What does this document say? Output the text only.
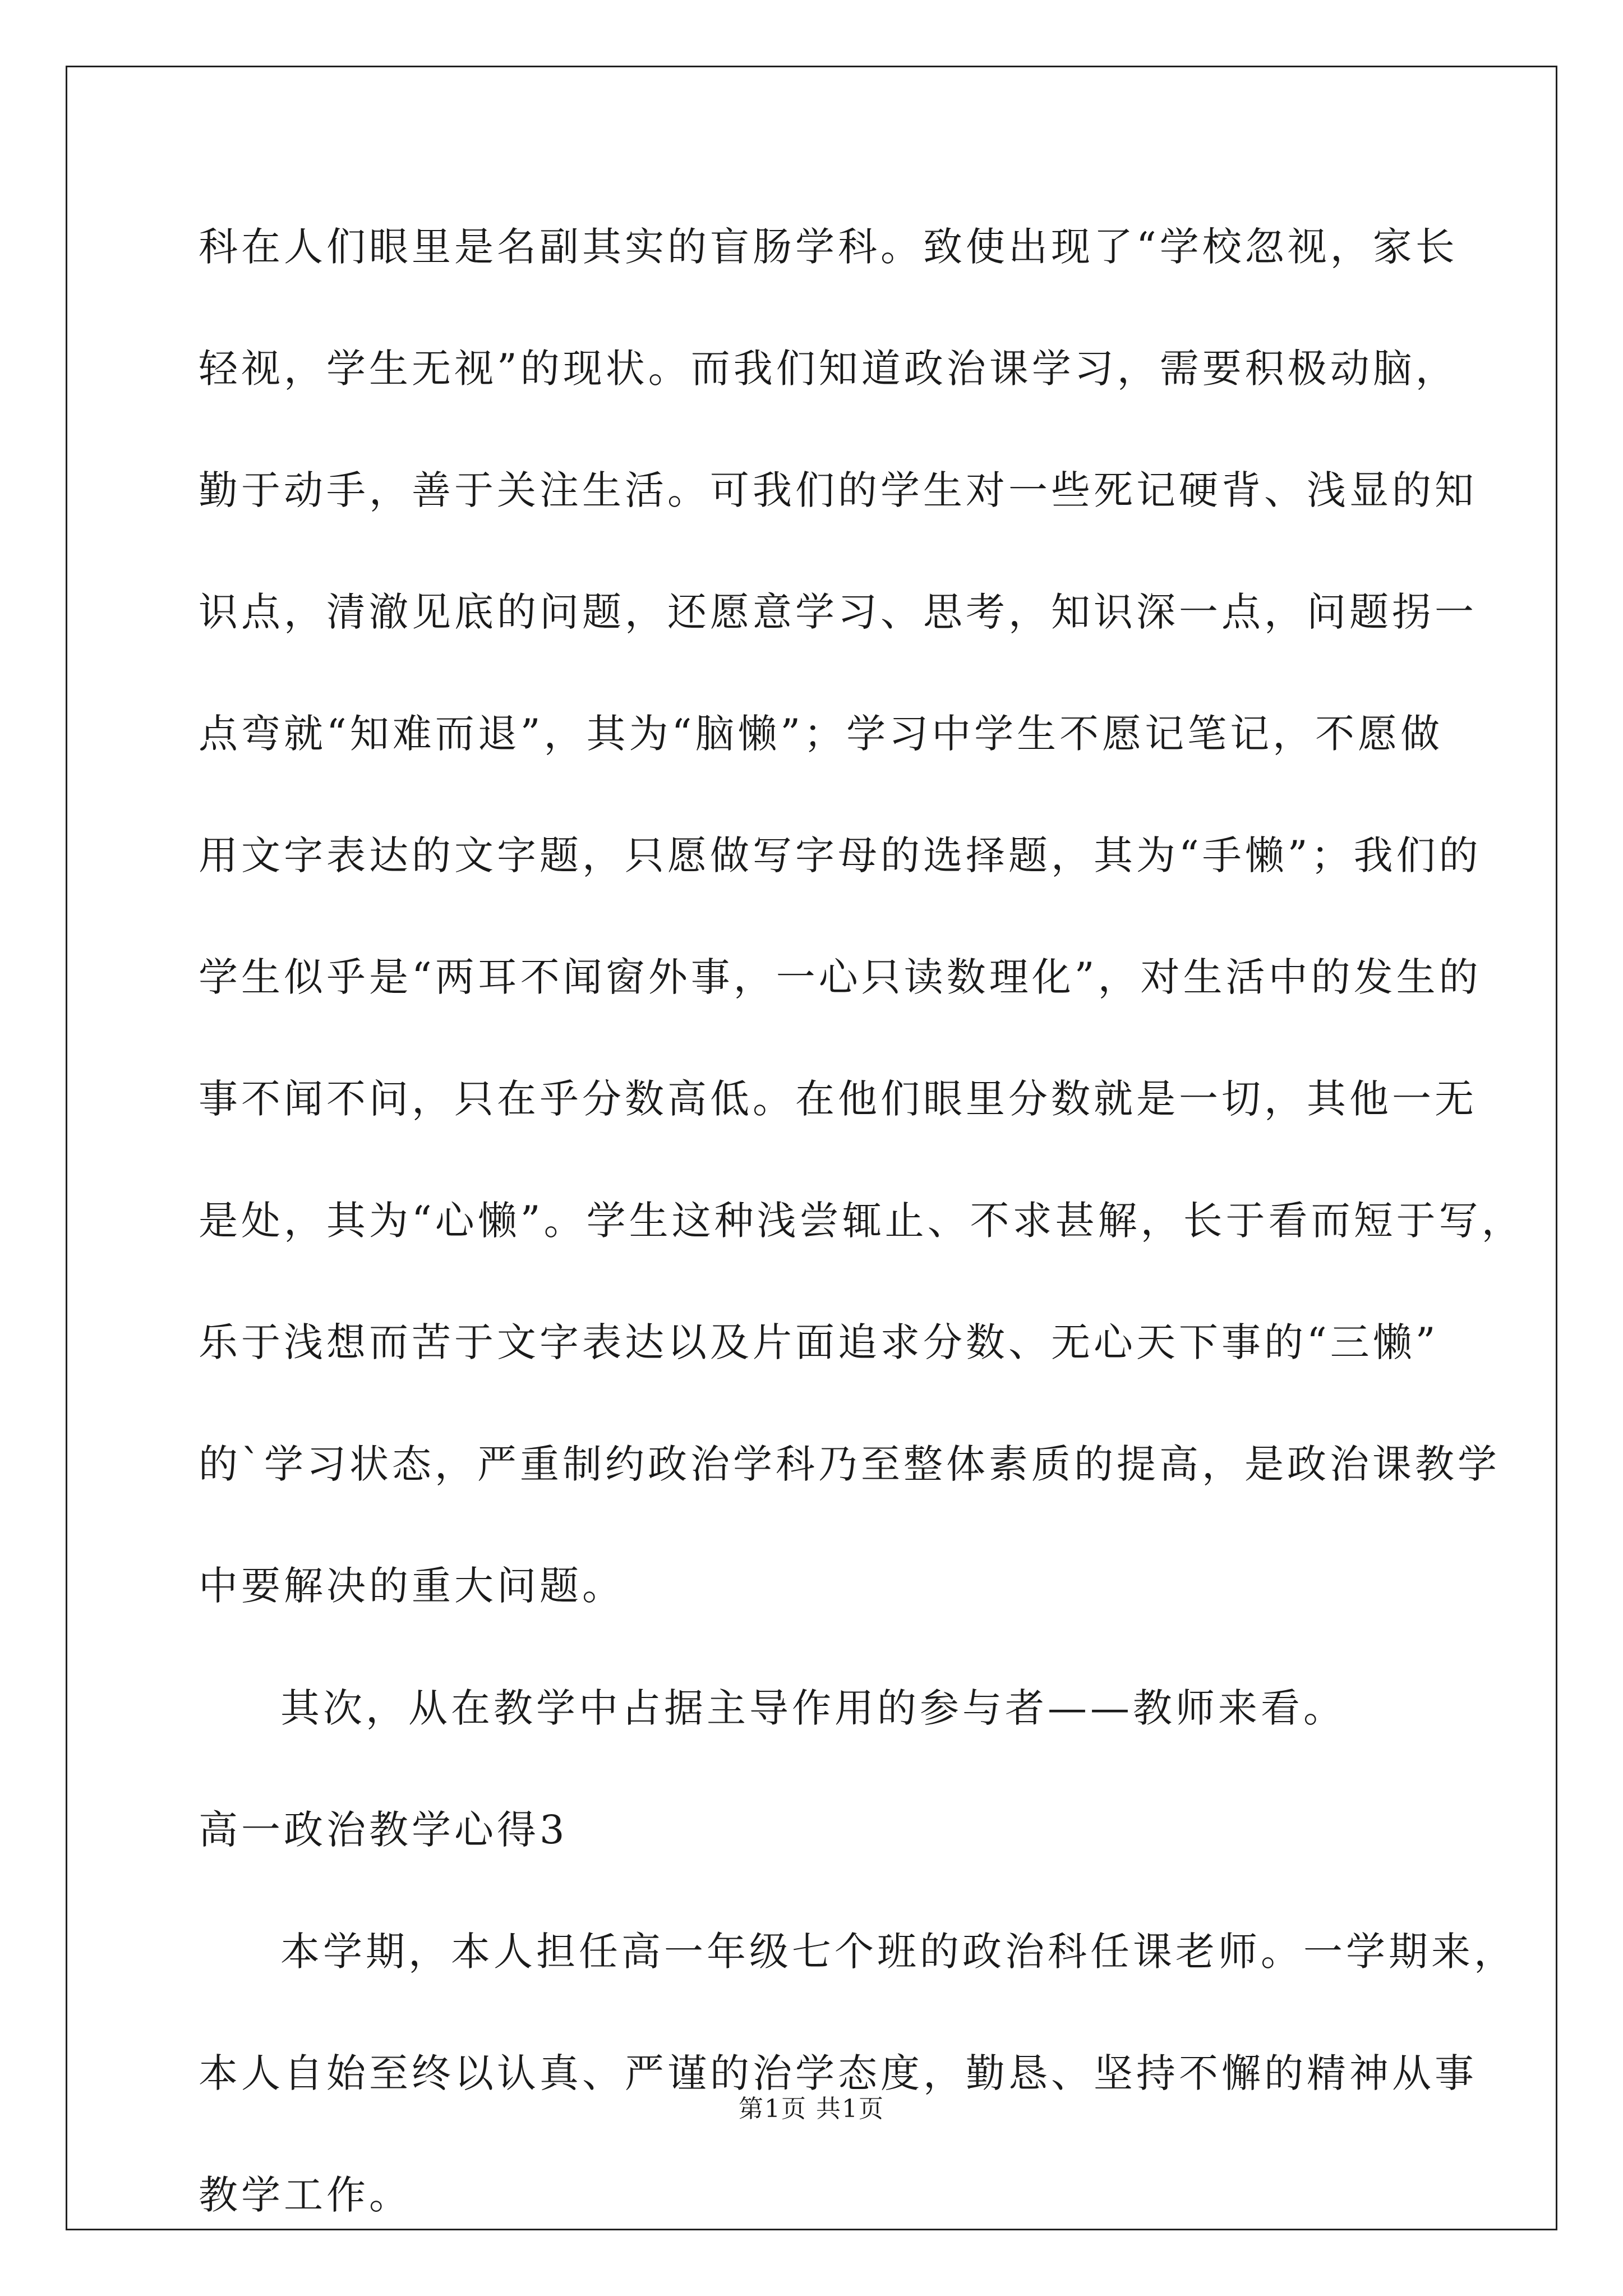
科在人们眼里是名副其实的盲肠学科。致使出现了“学校忽视，家长
轻视，学生无视”的现状。而我们知道政治课学习，需要积极动脑，
勤于动手，善于关注生活。可我们的学生对一些死记硬背、浅显的知
识点，清澈见底的问题，还愿意学习、思考，知识深一点，问题拐一
点弯就“知难而退”，其为“脑懒”；学习中学生不愿记笔记，不愿做
用文字表达的文字题，只愿做写字母的选择题，其为“手懒”；我们的
学生似乎是“两耳不闻窗外事，一心只读数理化”，对生活中的发生的
事不闻不问，只在乎分数高低。在他们眼里分数就是一切，其他一无
是处，其为“心懒”。学生这种浅尝辄止、不求甚解，长于看而短于写，
乐于浅想而苦于文字表达以及片面追求分数、无心天下事的“三懒”
的`学习状态，严重制约政治学科乃至整体素质的提高，是政治课教学
中要解决的重大问题。
其次，从在教学中占据主导作用的参与者——教师来看。
高一政治教学心得3
本学期，本人担任高一年级七个班的政治科任课老师。一学期来，
本人自始至终以认真、严谨的治学态度，勤恳、坚持不懈的精神从事
教学工作。
第1页 共1页
